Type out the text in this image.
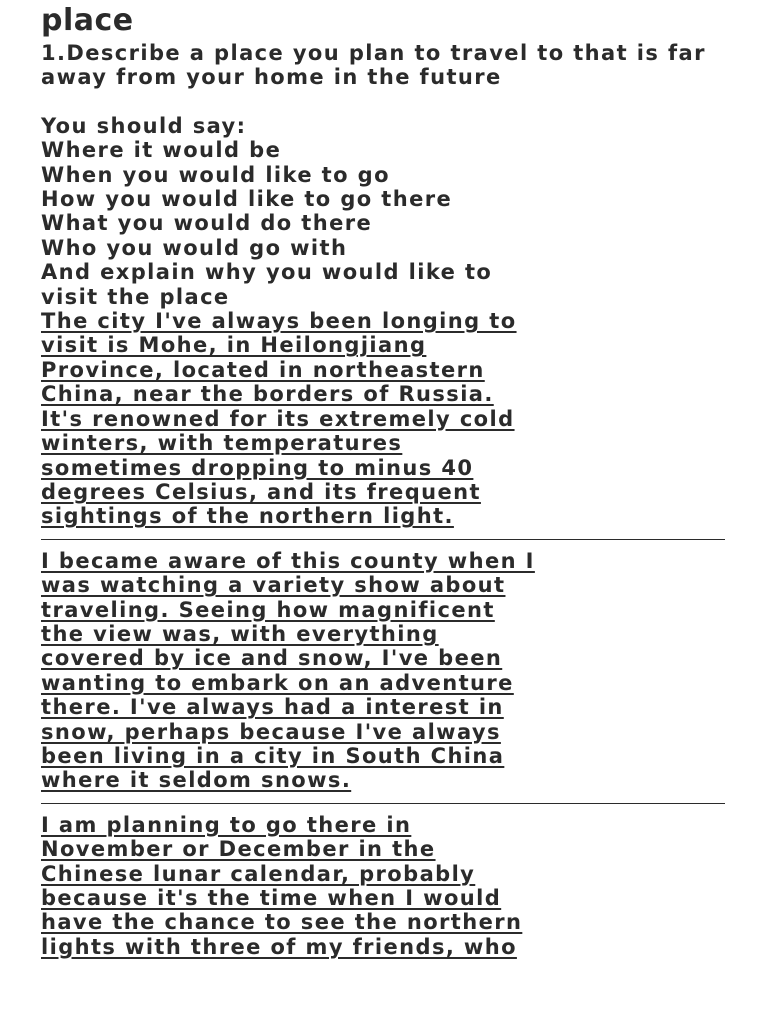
place
1.Describe a place you plan to travel to that is far away from your home in the future
You should say:
Where it would be
When you would like to go
How you would like to go there
What you would do there
Who you would go with
And explain why you would like to
visit the place
The city I've always been longing to
visit is Mohe, in Heilongjiang
Province, located in northeastern
China, near the borders of Russia.
It's renowned for its extremely cold
winters, with temperatures
sometimes dropping to minus 40
degrees Celsius, and its frequent
sightings of the northern light.
I became aware of this county when I
was watching a variety show about
traveling. Seeing how magnificent
the view was, with everything
covered by ice and snow, I've been
wanting to embark on an adventure
there. I've always had a interest in
snow, perhaps because I've always
been living in a city in South China
where it seldom snows.
I am planning to go there in
November or December in the
Chinese lunar calendar, probably
because it's the time when I would
have the chance to see the northern
lights with three of my friends, who
